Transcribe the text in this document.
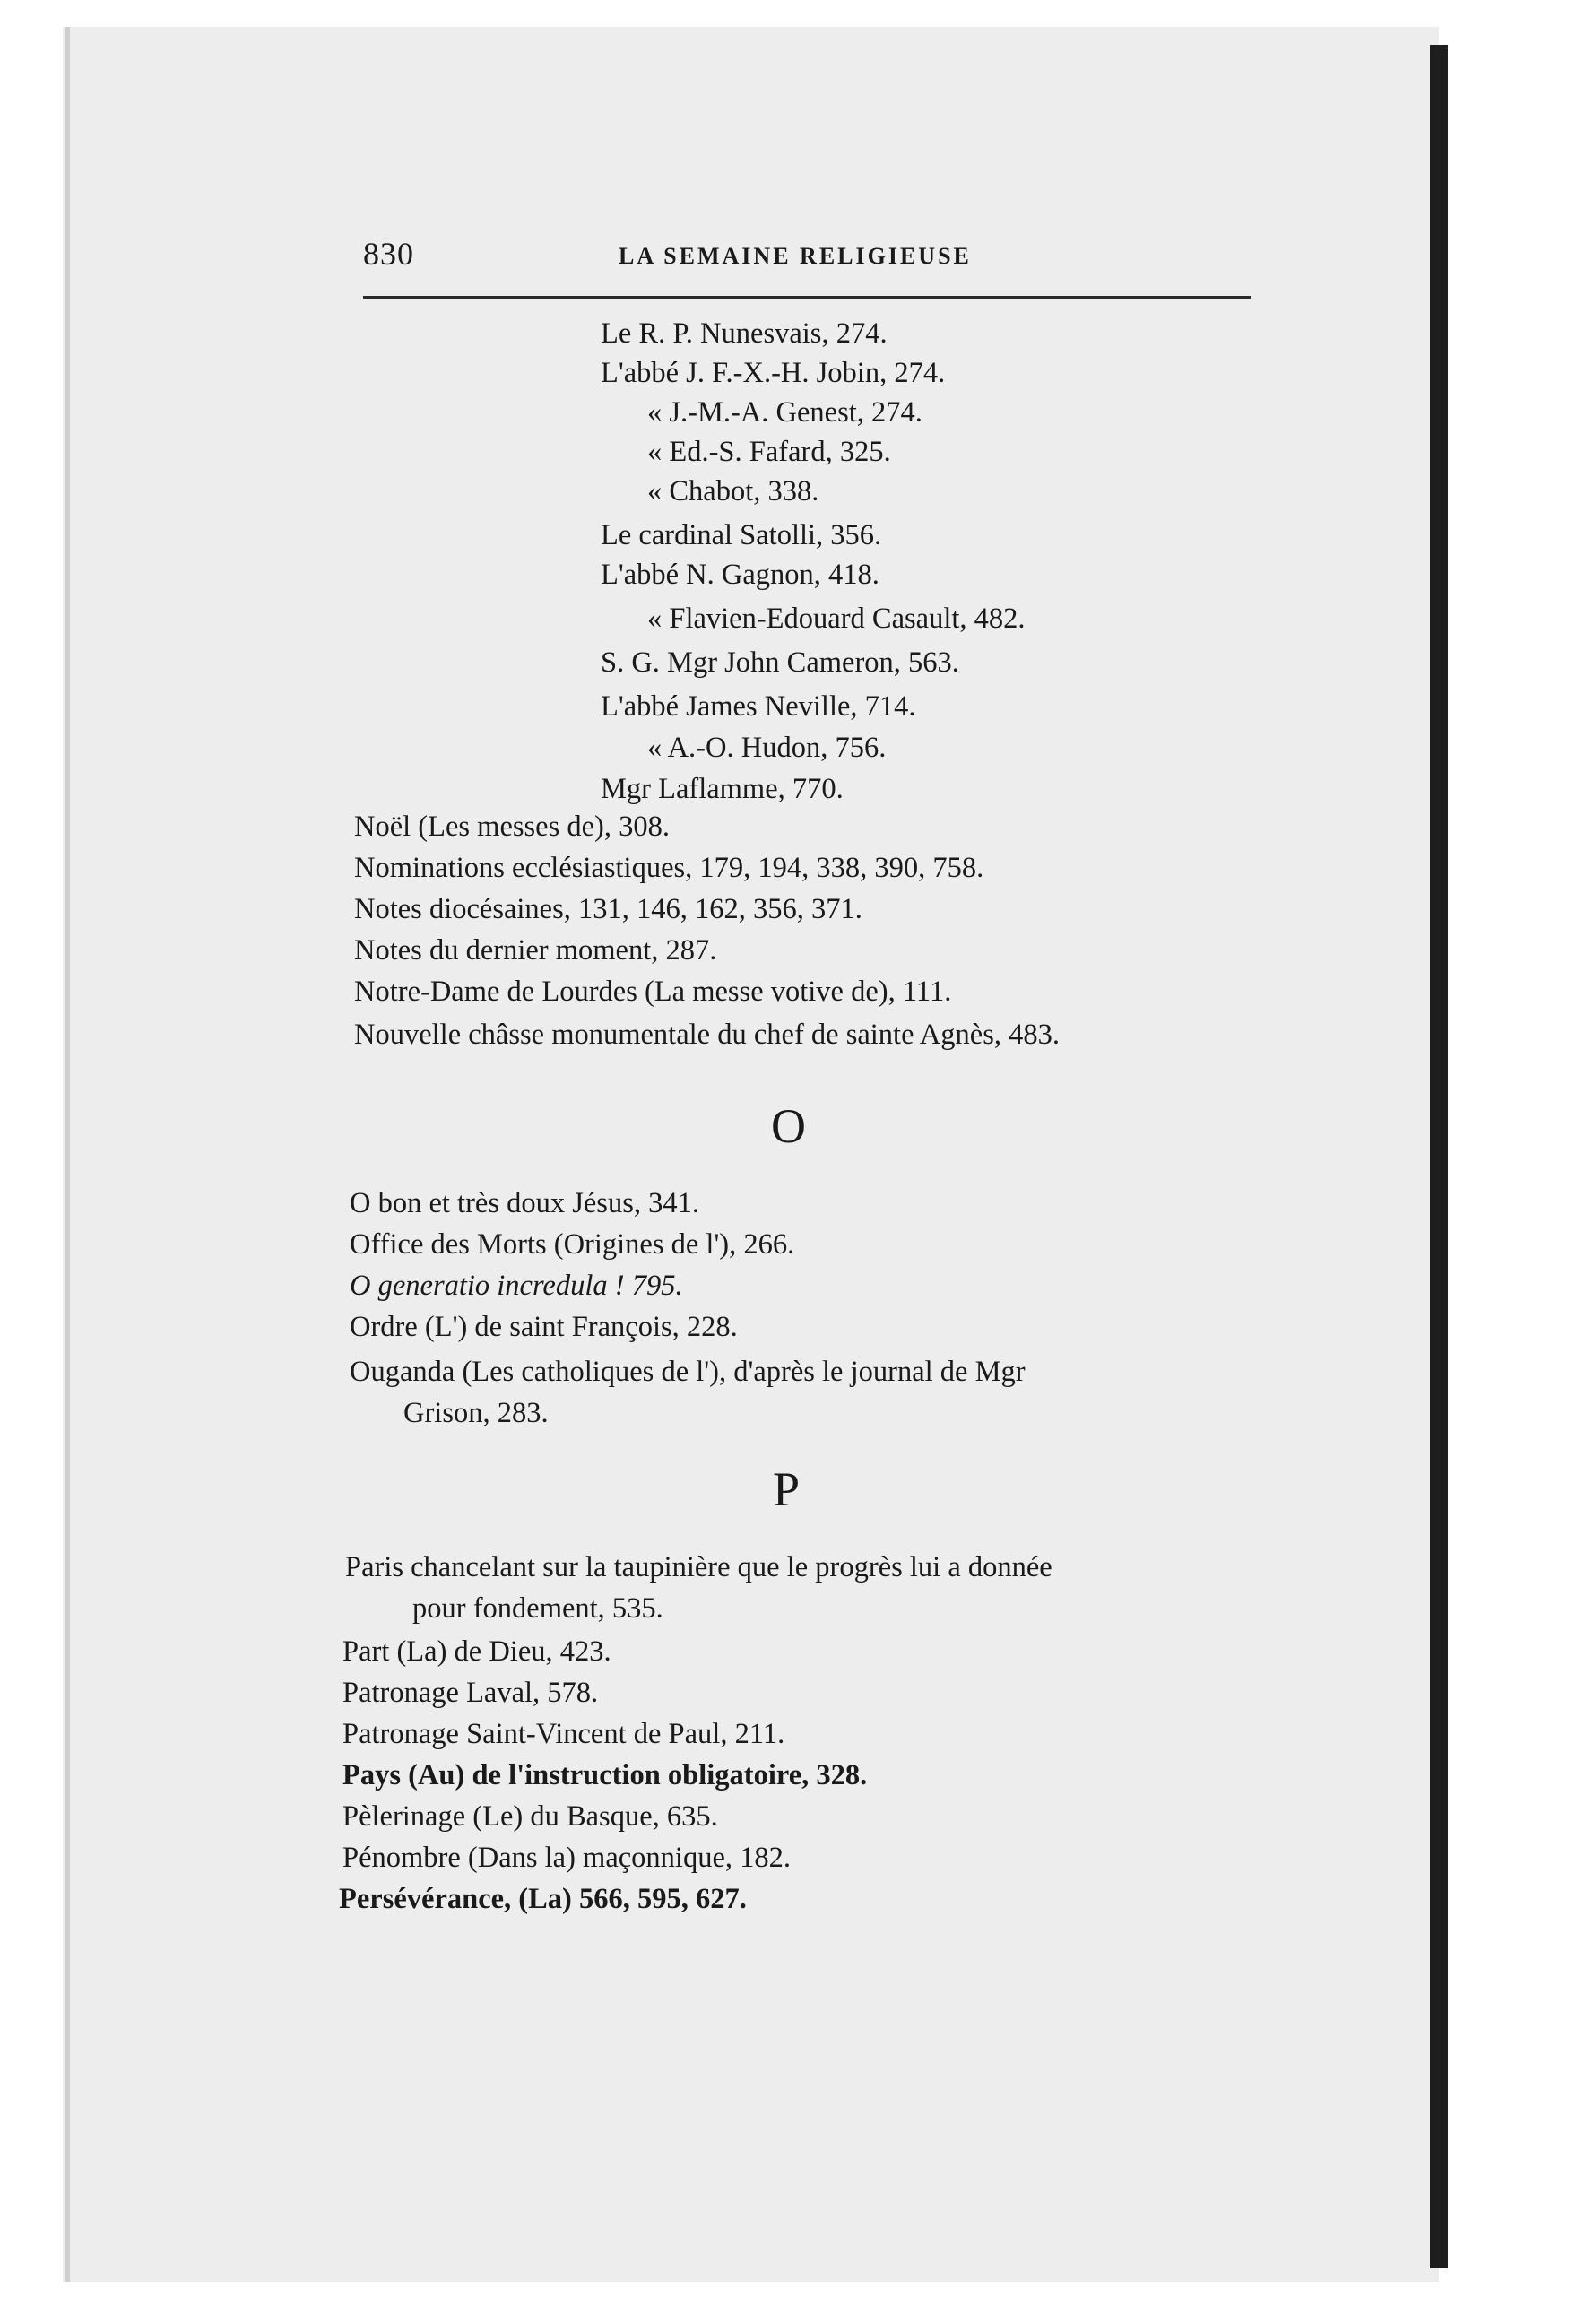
830	LA SEMAINE RELIGIEUSE
Le R. P. Nunesvais, 274.
L'abbé J. F.-X.-H. Jobin, 274.
« J.-M.-A. Genest, 274.
« Ed.-S. Fafard, 325.
« Chabot, 338.
Le cardinal Satolli, 356.
L'abbé N. Gagnon, 418.
« Flavien-Edouard Casault, 482.
S. G. Mgr John Cameron, 563.
L'abbé James Neville, 714.
« A.-O. Hudon, 756.
Mgr Laflamme, 770.
Noël (Les messes de), 308.
Nominations ecclésiastiques, 179, 194, 338, 390, 758.
Notes diocésaines, 131, 146, 162, 356, 371.
Notes du dernier moment, 287.
Notre-Dame de Lourdes (La messe votive de), 111.
Nouvelle châsse monumentale du chef de sainte Agnès, 483.
O
O bon et très doux Jésus, 341.
Office des Morts (Origines de l'), 266.
O generatio incredula ! 795.
Ordre (L') de saint François, 228.
Ouganda (Les catholiques de l'), d'après le journal de Mgr
Grison, 283.
P
Paris chancelant sur la taupinière que le progrès lui a donnée
pour fondement, 535.
Part (La) de Dieu, 423.
Patronage Laval, 578.
Patronage Saint-Vincent de Paul, 211.
Pays (Au) de l'instruction obligatoire, 328.
Pèlerinage (Le) du Basque, 635.
Pénombre (Dans la) maçonnique, 182.
Persévérance, (La) 566, 595, 627.
